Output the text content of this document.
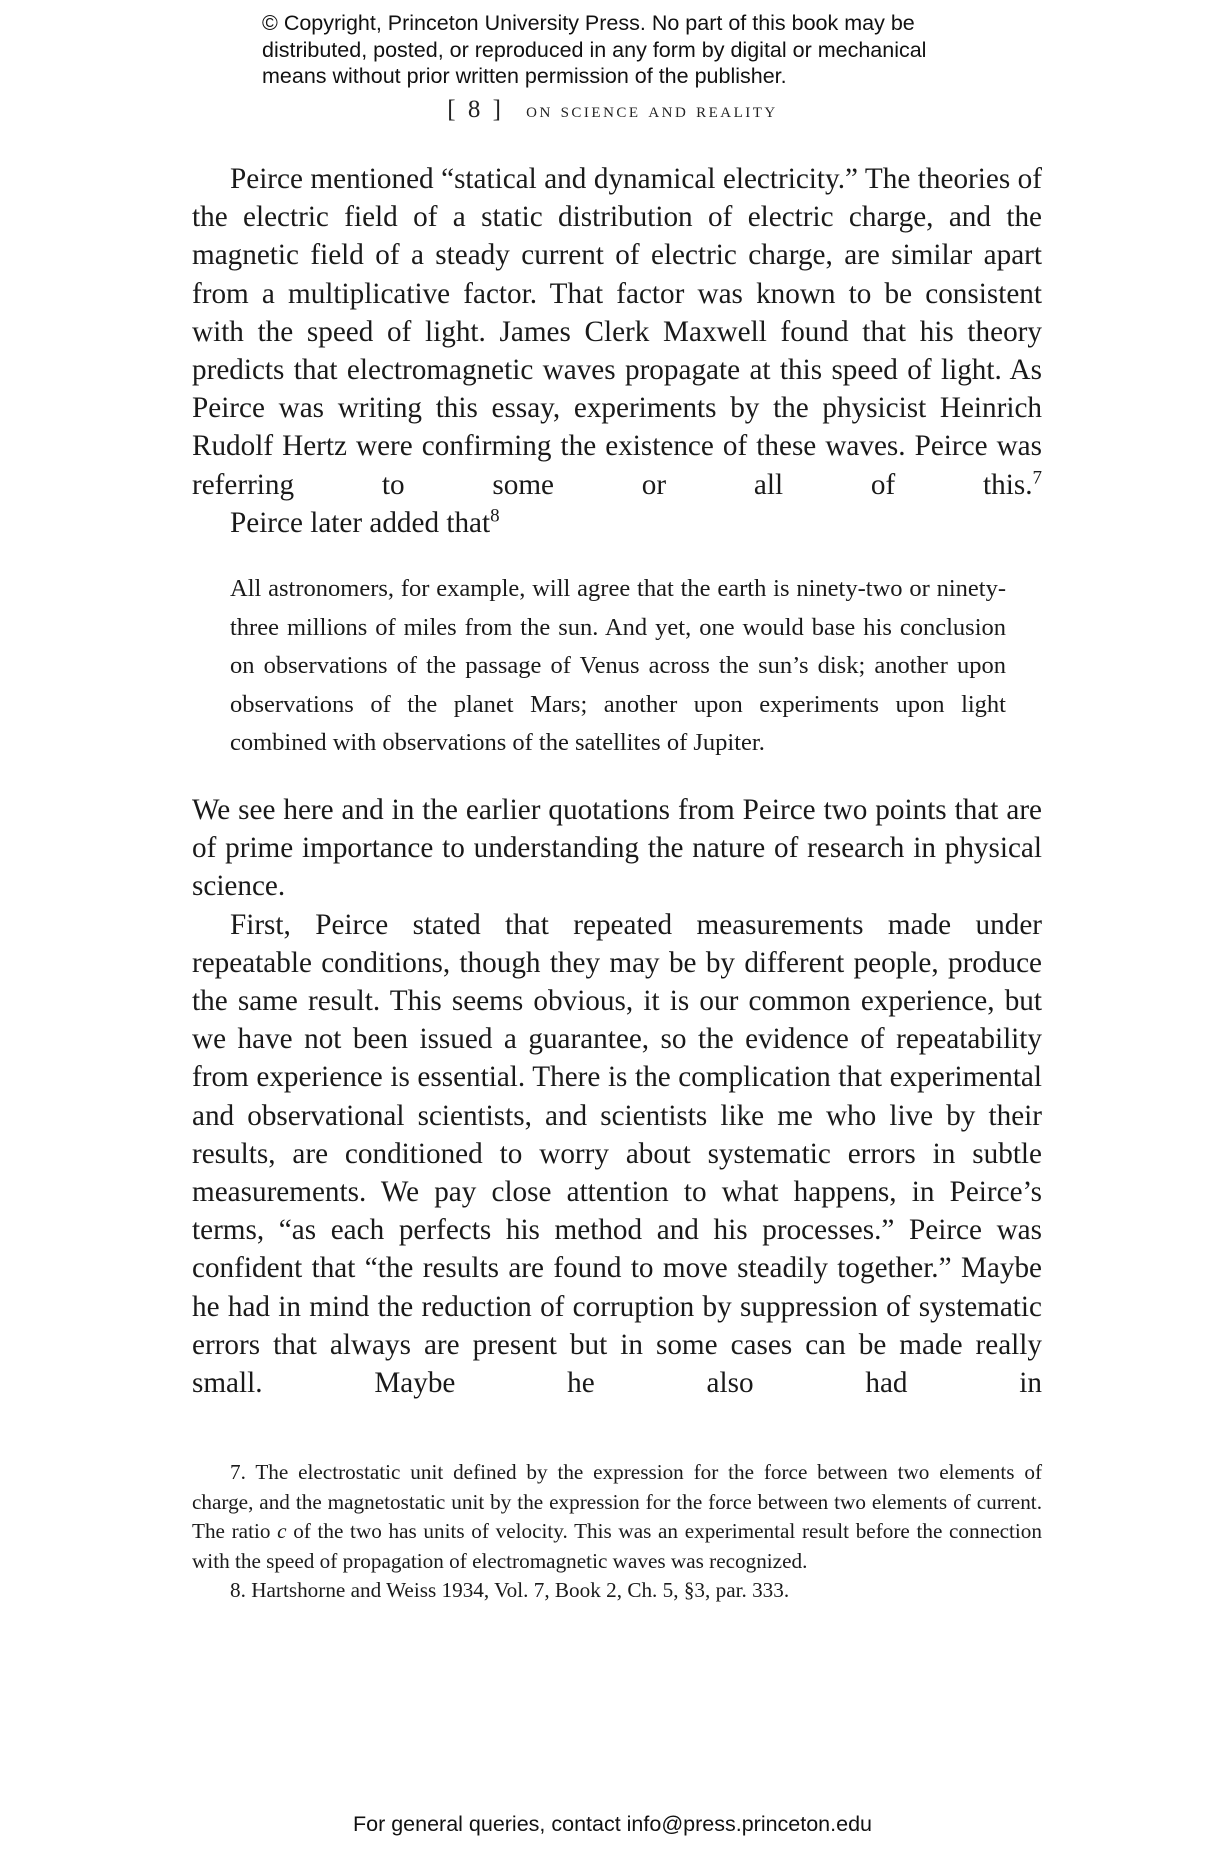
© Copyright, Princeton University Press. No part of this book may be

distributed, posted, or reproduced in any form by digital or mechanical

means without prior written permission of the publisher.

[ 8 ] on science and reality

Peirce mentioned “statical and dynamical electricity.” The theories of the electric field of a static distribution of electric charge, and the magnetic field of a steady current of electric charge, are similar apart from a multiplicative factor. That factor was known to be consistent with the speed of light. James Clerk Maxwell found that his theory predicts that electromagnetic waves propagate at this speed of light. As Peirce was writing this essay, experiments by the physicist Heinrich Rudolf Hertz were confirming the existence of these waves. Peirce was referring to some or all of this.$^7$

Peirce later added that$^8$

All astronomers, for example, will agree that the earth is ninety-two or ninety-three millions of miles from the sun. And yet, one would base his conclusion on observations of the passage of Venus across the sun’s disk; another upon observations of the planet Mars; another upon experiments upon light combined with observations of the satellites of Jupiter.

We see here and in the earlier quotations from Peirce two points that are of prime importance to understanding the nature of research in physical science.

First, Peirce stated that repeated measurements made under repeatable conditions, though they may be by different people, produce the same result. This seems obvious, it is our common experience, but we have not been issued a guarantee, so the evidence of repeatability from experience is essential. There is the complication that experimental and observational scientists, and scientists like me who live by their results, are conditioned to worry about systematic errors in subtle measurements. We pay close attention to what happens, in Peirce’s terms, “as each perfects his method and his processes.” Peirce was confident that “the results are found to move steadily together.” Maybe he had in mind the reduction of corruption by suppression of systematic errors that always are present but in some cases can be made really small. Maybe he also had in

7. The electrostatic unit defined by the expression for the force between two elements of charge, and the magnetostatic unit by the expression for the force between two elements of current. The ratio c of the two has units of velocity. This was an experimental result before the connection with the speed of propagation of electromagnetic waves was recognized.

8. Hartshorne and Weiss 1934, Vol. 7, Book 2, Ch. 5, §3, par. 333.

For general queries, contact info@press.princeton.edu
